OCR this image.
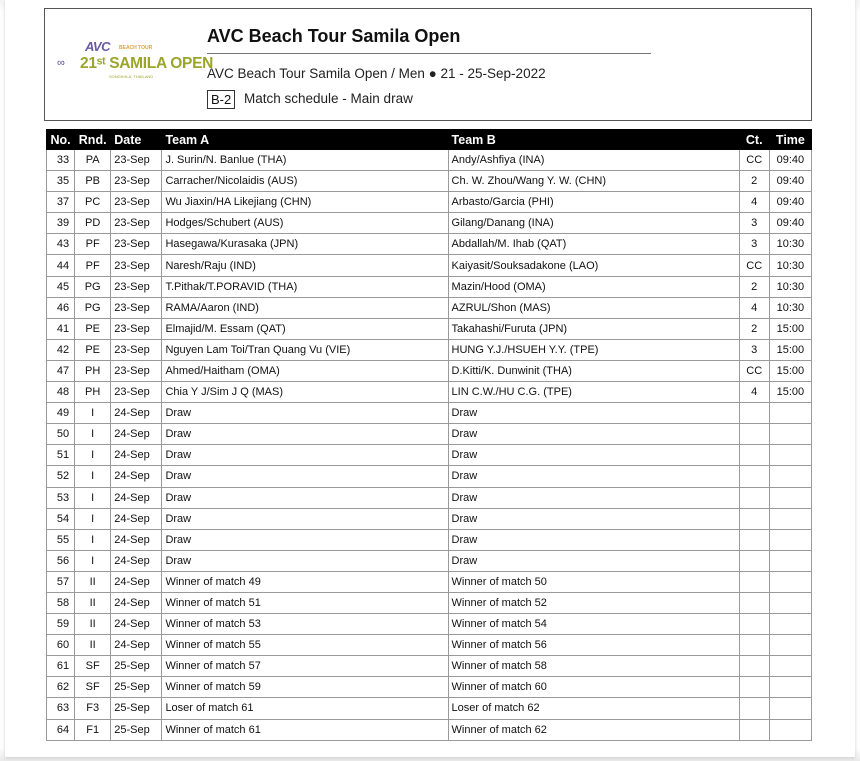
AVC BEACH TOUR
∞ 21ˢᵗ SAMILA OPEN
SONGKHLA, THAILAND
AVC Beach Tour Samila Open
AVC Beach Tour Samila Open / Men ● 21 - 25-Sep-2022
B-2 Match schedule - Main draw
No.	Rnd.	Date	Team A	Team B	Ct.	Time
33	PA	23-Sep	J. Surin/N. Banlue (THA)	Andy/Ashfiya (INA)	CC	09:40
35	PB	23-Sep	Carracher/Nicolaidis (AUS)	Ch. W. Zhou/Wang Y. W. (CHN)	2	09:40
37	PC	23-Sep	Wu Jiaxin/HA Likejiang (CHN)	Arbasto/Garcia (PHI)	4	09:40
39	PD	23-Sep	Hodges/Schubert (AUS)	Gilang/Danang (INA)	3	09:40
43	PF	23-Sep	Hasegawa/Kurasaka (JPN)	Abdallah/M. Ihab (QAT)	3	10:30
44	PF	23-Sep	Naresh/Raju (IND)	Kaiyasit/Souksadakone (LAO)	CC	10:30
45	PG	23-Sep	T.Pithak/T.PORAVID (THA)	Mazin/Hood (OMA)	2	10:30
46	PG	23-Sep	RAMA/Aaron (IND)	AZRUL/Shon (MAS)	4	10:30
41	PE	23-Sep	Elmajid/M. Essam (QAT)	Takahashi/Furuta (JPN)	2	15:00
42	PE	23-Sep	Nguyen Lam Toi/Tran Quang Vu (VIE)	HUNG Y.J./HSUEH Y.Y. (TPE)	3	15:00
47	PH	23-Sep	Ahmed/Haitham (OMA)	D.Kitti/K. Dunwinit (THA)	CC	15:00
48	PH	23-Sep	Chia Y J/Sim J Q (MAS)	LIN C.W./HU C.G. (TPE)	4	15:00
49	I	24-Sep	Draw	Draw		
50	I	24-Sep	Draw	Draw		
51	I	24-Sep	Draw	Draw		
52	I	24-Sep	Draw	Draw		
53	I	24-Sep	Draw	Draw		
54	I	24-Sep	Draw	Draw		
55	I	24-Sep	Draw	Draw		
56	I	24-Sep	Draw	Draw		
57	II	24-Sep	Winner of match 49	Winner of match 50		
58	II	24-Sep	Winner of match 51	Winner of match 52		
59	II	24-Sep	Winner of match 53	Winner of match 54		
60	II	24-Sep	Winner of match 55	Winner of match 56		
61	SF	25-Sep	Winner of match 57	Winner of match 58		
62	SF	25-Sep	Winner of match 59	Winner of match 60		
63	F3	25-Sep	Loser of match 61	Loser of match 62		
64	F1	25-Sep	Winner of match 61	Winner of match 62		
